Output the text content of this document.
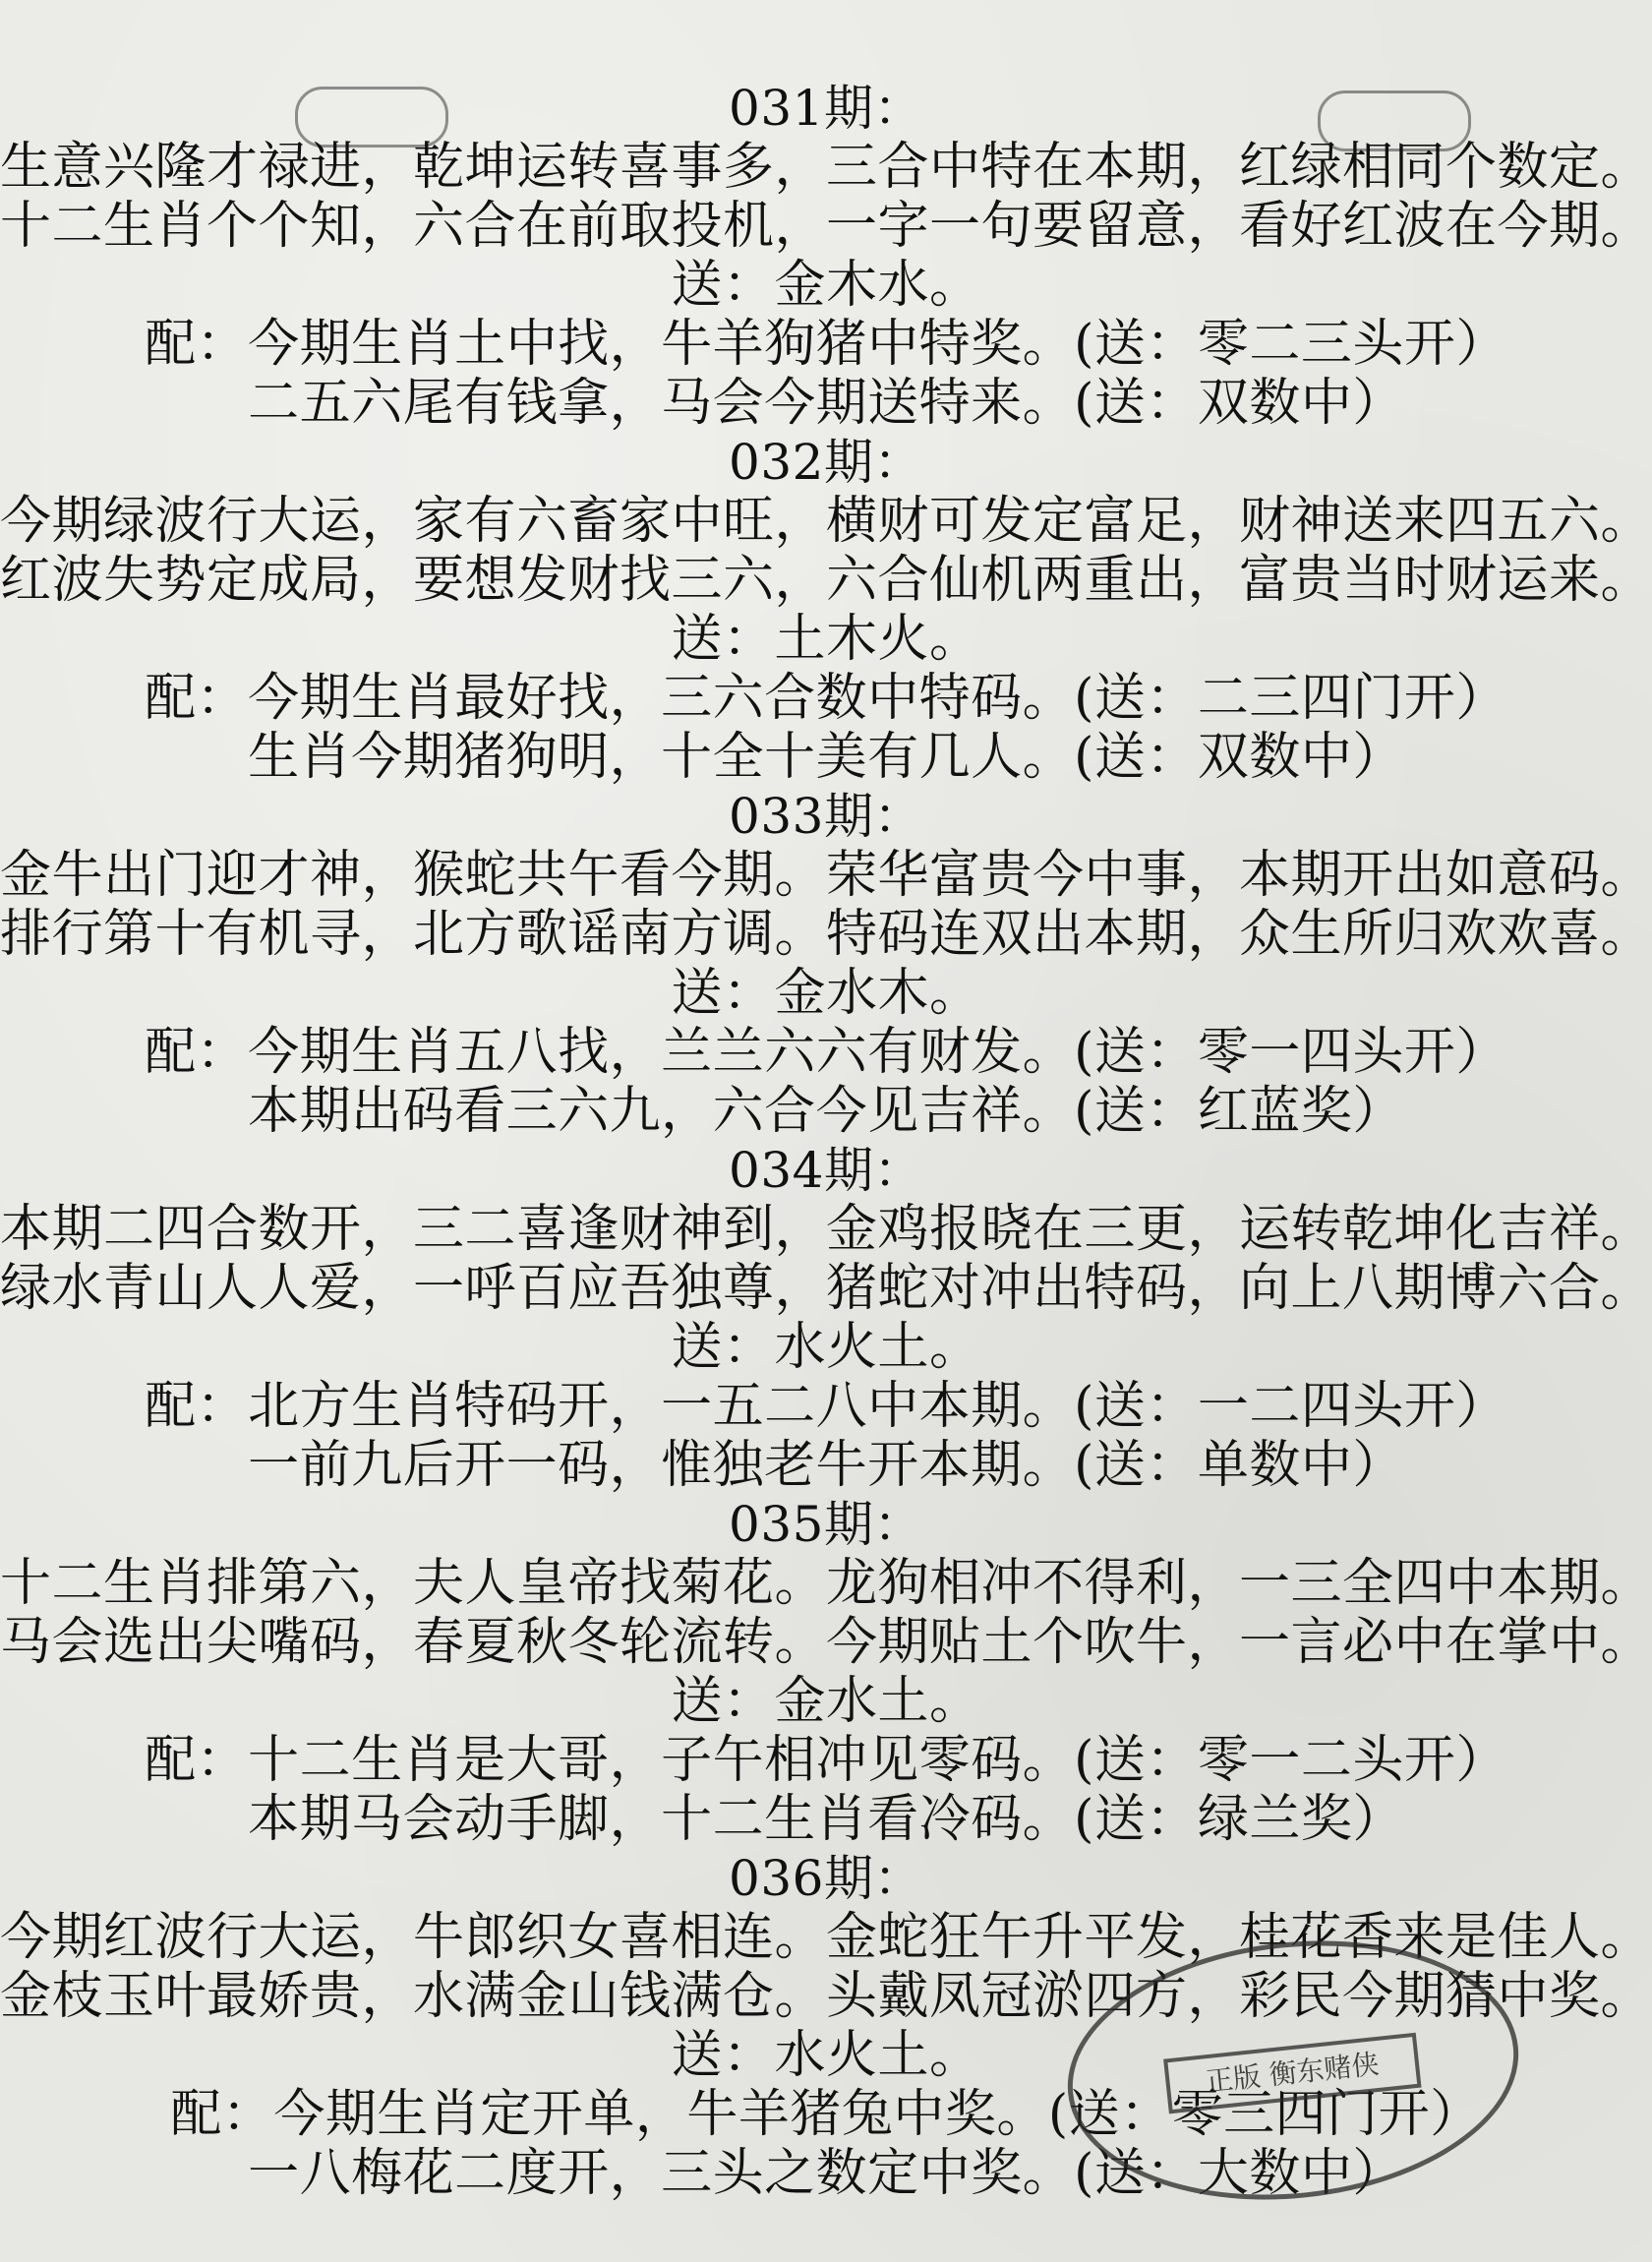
031期：
生意兴隆才禄进，乾坤运转喜事多，三合中特在本期，红绿相同个数定。
十二生肖个个知，六合在前取投机，一字一句要留意，看好红波在今期。
送：金木水。
配：今期生肖土中找，牛羊狗猪中特奖。(送：零二三头开）
二五六尾有钱拿，马会今期送特来。(送：双数中）
032期：
今期绿波行大运，家有六畜家中旺，横财可发定富足，财神送来四五六。
红波失势定成局，要想发财找三六，六合仙机两重出，富贵当时财运来。
送：土木火。
配：今期生肖最好找，三六合数中特码。(送：二三四门开）
生肖今期猪狗明，十全十美有几人。(送：双数中）
033期：
金牛出门迎才神，猴蛇共午看今期。荣华富贵今中事，本期开出如意码。
排行第十有机寻，北方歌谣南方调。特码连双出本期，众生所归欢欢喜。
送：金水木。
配：今期生肖五八找，兰兰六六有财发。(送：零一四头开）
本期出码看三六九，六合今见吉祥。(送：红蓝奖）
034期：
本期二四合数开，三二喜逢财神到，金鸡报晓在三更，运转乾坤化吉祥。
绿水青山人人爱，一呼百应吾独尊，猪蛇对冲出特码，向上八期博六合。
送：水火土。
配：北方生肖特码开，一五二八中本期。(送：一二四头开）
一前九后开一码，惟独老牛开本期。(送：单数中）
035期：
十二生肖排第六，夫人皇帝找菊花。龙狗相冲不得利，一三全四中本期。
马会选出尖嘴码，春夏秋冬轮流转。今期贴土个吹牛，一言必中在掌中。
送：金水土。
配：十二生肖是大哥，子午相冲见零码。(送：零一二头开）
本期马会动手脚，十二生肖看冷码。(送：绿兰奖）
036期：
今期红波行大运，牛郎织女喜相连。金蛇狂午升平发，桂花香来是佳人。
金枝玉叶最娇贵，水满金山钱满仓。头戴凤冠淤四方，彩民今期猜中奖。
送：水火土。
配：今期生肖定开单，牛羊猪兔中奖。(送：零三四门开）
一八梅花二度开，三头之数定中奖。(送：大数中）
正版 衡东赌侠
